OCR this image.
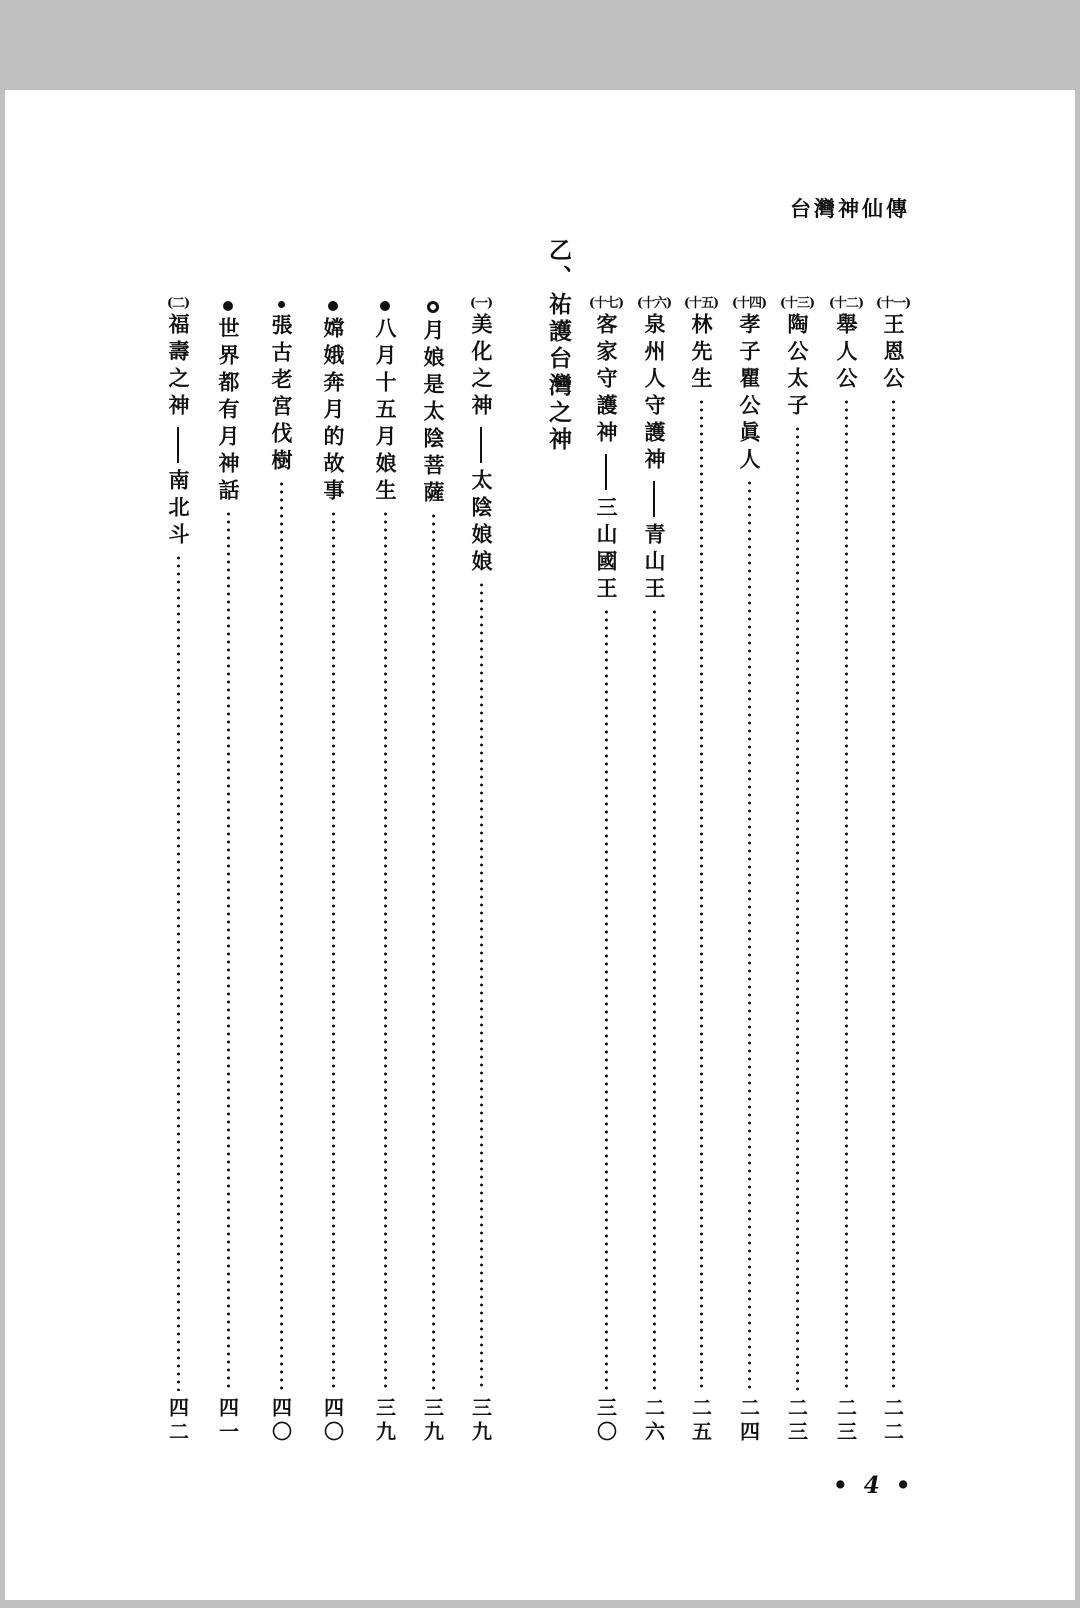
台灣神仙傳
乙、祐護台灣之神	(十一)
王恩公
二二
(十二)
舉人公
二三
(十三)
陶公太子
二三
(十四)
孝子瞿公眞人
二四
(十五)
林先生
二五
(十六)
泉州人守護神
青山王
二六
(十七)
客家守護神
三山國王
三〇
(一)
美化之神
太陰娘娘
三九
月娘是太陰菩薩
三九
八月十五月娘生
三九
嫦娥奔月的故事
四〇
張古老宮伐樹
四〇
世界都有月神話
四一
(二)
福壽之神
南北斗
四二
• 4 •
